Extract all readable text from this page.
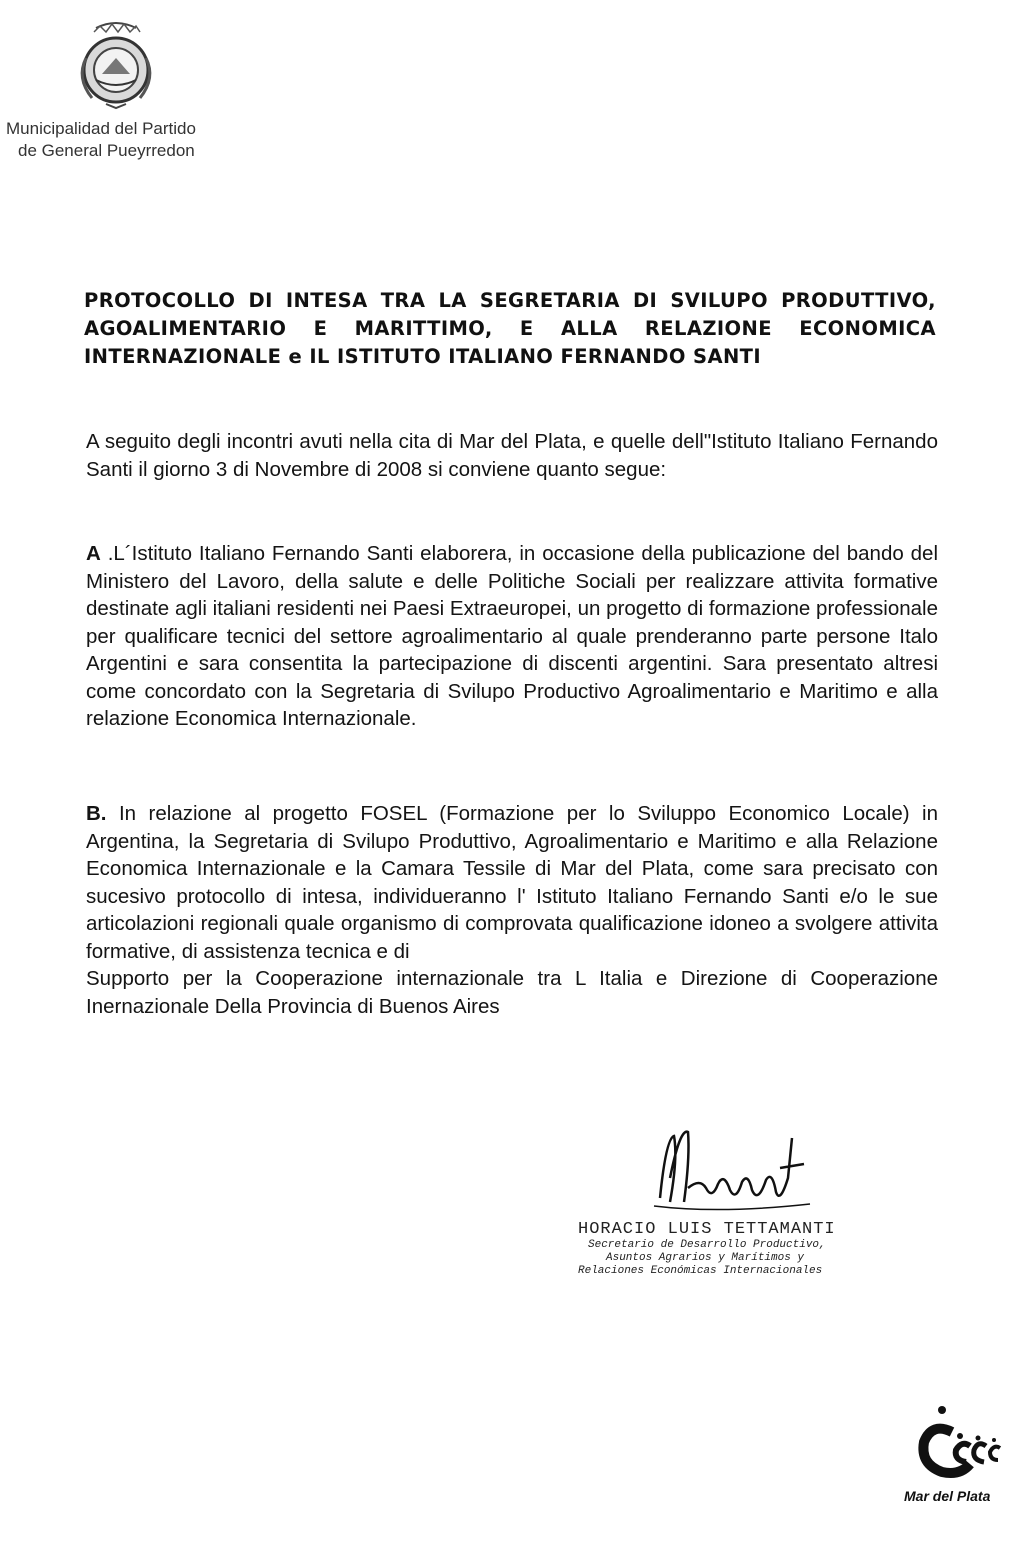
Municipalidad del Partido
de General Pueyrredon
PROTOCOLLO DI INTESA TRA LA SEGRETARIA DI SVILUPO PRODUTTIVO, AGOALIMENTARIO E MARITTIMO, E ALLA RELAZIONE ECONOMICA INTERNAZIONALE e IL ISTITUTO ITALIANO FERNANDO SANTI
A seguito degli incontri avuti nella cita di Mar del Plata, e quelle dell"Istituto Italiano Fernando Santi il giorno 3 di Novembre di 2008 si conviene quanto segue:
A .L´Istituto Italiano Fernando Santi elaborera, in occasione della publicazione del bando del Ministero del Lavoro, della salute e delle Politiche Sociali per realizzare attivita formative destinate agli italiani residenti nei Paesi Extraeuropei, un progetto di formazione professionale per qualificare tecnici del settore agroalimentario al quale prenderanno parte persone Italo Argentini e sara consentita la partecipazione di discenti argentini. Sara presentato altresi come concordato con la Segretaria di Svilupo Productivo Agroalimentario e Maritimo e alla relazione Economica Internazionale.
B. In relazione al progetto FOSEL (Formazione per lo Sviluppo Economico Locale) in Argentina, la Segretaria di Svilupo Produttivo, Agroalimentario e Maritimo e alla Relazione Economica Internazionale e la Camara Tessile di Mar del Plata, come sara precisato con sucesivo protocollo di intesa, individueranno l' Istituto Italiano Fernando Santi e/o le sue articolazioni regionali quale organismo di comprovata qualificazione idoneo a svolgere attivita formative, di assistenza tecnica e di
Supporto per la Cooperazione internazionale tra L Italia e Direzione di Cooperazione Inernazionale Della Provincia di Buenos Aires
HORACIO LUIS TETTAMANTI
Secretario de Desarrollo Productivo,
Asuntos Agrarios y Marítimos y
Relaciones Económicas Internacionales
Mar del Plata
